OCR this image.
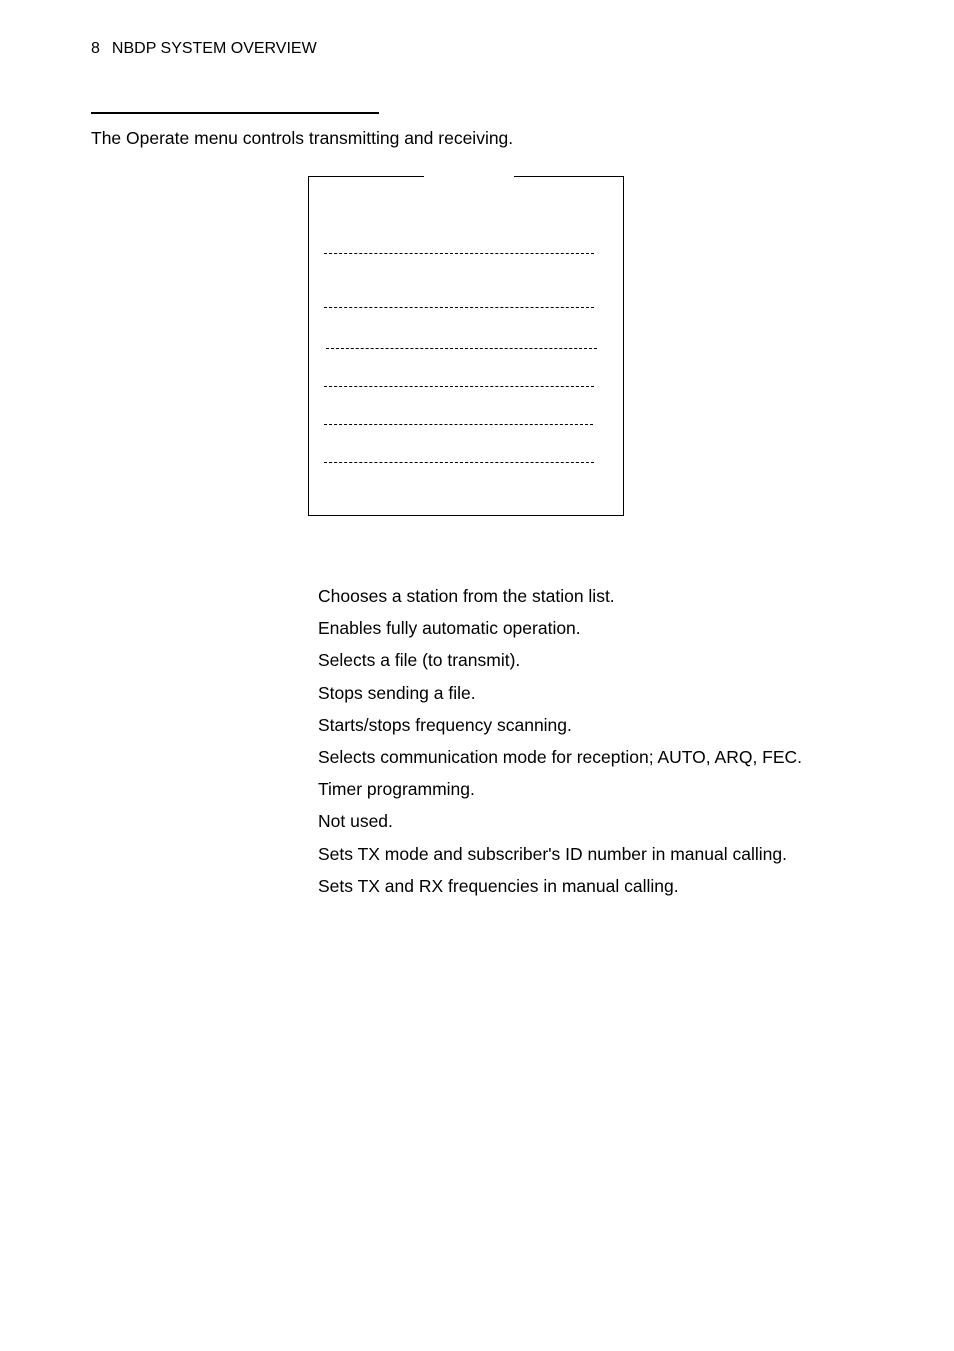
8 NBDP SYSTEM OVERVIEW
The Operate menu controls transmitting and receiving.
Chooses a station from the station list.
Enables fully automatic operation.
Selects a file (to transmit).
Stops sending a file.
Starts/stops frequency scanning.
Selects communication mode for reception; AUTO, ARQ, FEC.
Timer programming.
Not used.
Sets TX mode and subscriber's ID number in manual calling.
Sets TX and RX frequencies in manual calling.
